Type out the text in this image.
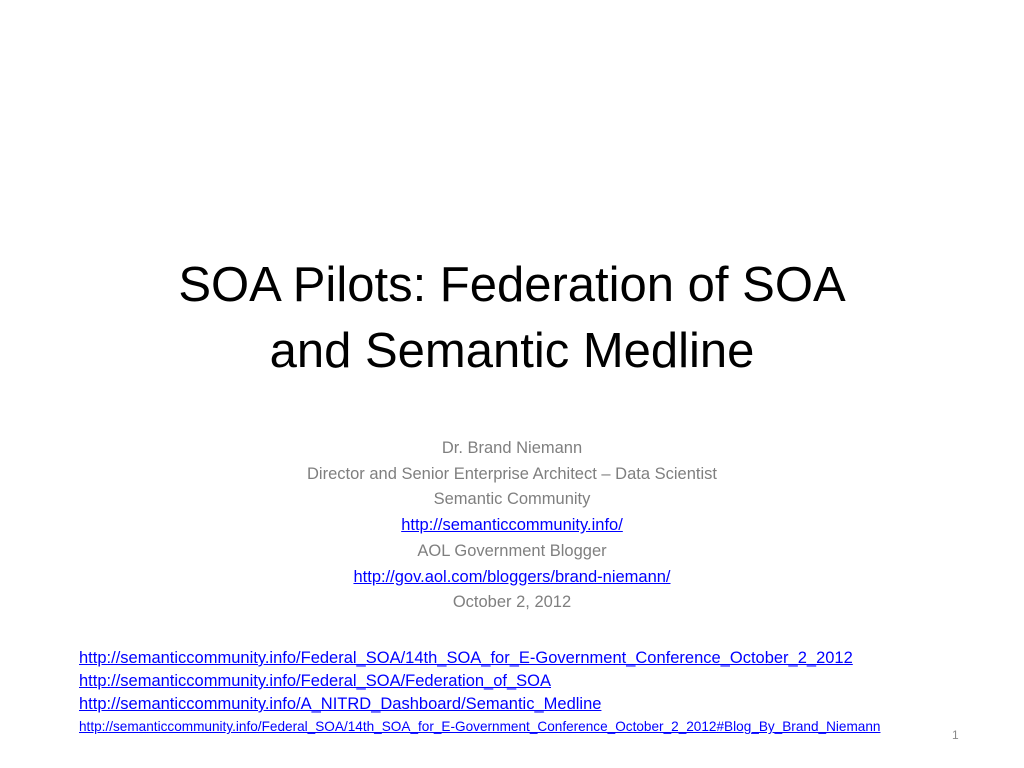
SOA Pilots: Federation of SOA
and Semantic Medline
Dr. Brand Niemann
Director and Senior Enterprise Architect – Data Scientist
Semantic Community
http://semanticcommunity.info/
AOL Government Blogger
http://gov.aol.com/bloggers/brand-niemann/
October 2, 2012
http://semanticcommunity.info/Federal_SOA/14th_SOA_for_E-Government_Conference_October_2_2012
http://semanticcommunity.info/Federal_SOA/Federation_of_SOA
http://semanticcommunity.info/A_NITRD_Dashboard/Semantic_Medline
http://semanticcommunity.info/Federal_SOA/14th_SOA_for_E-Government_Conference_October_2_2012#Blog_By_Brand_Niemann
1
